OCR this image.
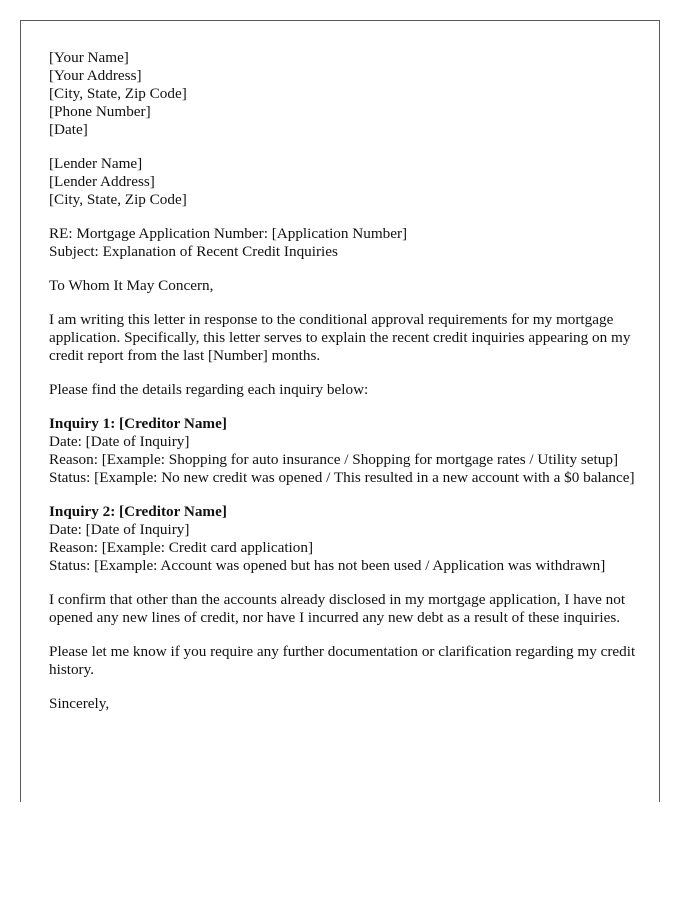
[Your Name]
[Your Address]
[City, State, Zip Code]
[Phone Number]
[Date]
[Lender Name]
[Lender Address]
[City, State, Zip Code]
RE: Mortgage Application Number: [Application Number]
Subject: Explanation of Recent Credit Inquiries

To Whom It May Concern,

I am writing this letter in response to the conditional approval requirements for my mortgage application. Specifically, this letter serves to explain the recent credit inquiries appearing on my credit report from the last [Number] months.

Please find the details regarding each inquiry below:

Inquiry 1: [Creditor Name]
Date: [Date of Inquiry]
Reason: [Example: Shopping for auto insurance / Shopping for mortgage rates / Utility setup]
Status: [Example: No new credit was opened / This resulted in a new account with a $0 balance]
Inquiry 2: [Creditor Name]
Date: [Date of Inquiry]
Reason: [Example: Credit card application]
Status: [Example: Account was opened but has not been used / Application was withdrawn]

I confirm that other than the accounts already disclosed in my mortgage application, I have not opened any new lines of credit, nor have I incurred any new debt as a result of these inquiries.

Please let me know if you require any further documentation or clarification regarding my credit history.

Sincerely,
